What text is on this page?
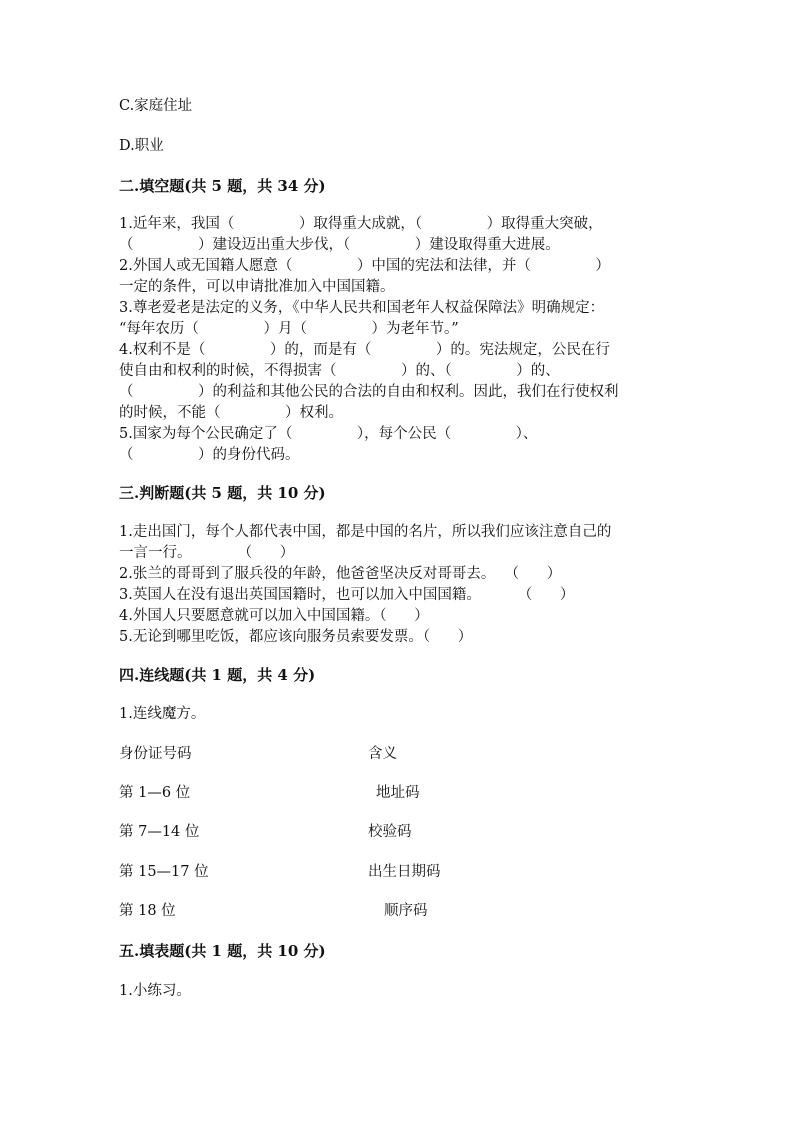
C.家庭住址
D.职业
二.填空题(共 5 题，共 34 分)
1.近年来，我国（              ）取得重大成就，（              ）取得重大突破，
（              ）建设迈出重大步伐，（              ）建设取得重大进展。
2.外国人或无国籍人愿意（              ）中国的宪法和法律，并（              ）
一定的条件，可以申请批准加入中国国籍。
3.尊老爱老是法定的义务，《中华人民共和国老年人权益保障法》明确规定：
“每年农历（              ）月（              ）为老年节。”
4.权利不是（              ）的，而是有（              ）的。宪法规定，公民在行
使自由和权利的时候，不得损害（              ）的、（              ）的、
（              ）的利益和其他公民的合法的自由和权利。因此，我们在行使权利
的时候，不能（              ）权利。
5.国家为每个公民确定了（              ），每个公民（              ）、
（              ）的身份代码。
三.判断题(共 5 题，共 10 分)
1.走出国门，每个人都代表中国，都是中国的名片，所以我们应该注意自己的
一言一行。          （      ）
2.张兰的哥哥到了服兵役的年龄，他爸爸坚决反对哥哥去。  （      ）
3.英国人在没有退出英国国籍时，也可以加入中国国籍。        （      ）
4.外国人只要愿意就可以加入中国国籍。（      ）
5.无论到哪里吃饭，都应该向服务员索要发票。（      ）
四.连线题(共 1 题，共 4 分)
1.连线魔方。
身份证号码	含义
第 1—6 位	地址码
第 7—14 位	校验码
第 15—17 位	出生日期码
第 18 位	顺序码
五.填表题(共 1 题，共 10 分)
1.小练习。
